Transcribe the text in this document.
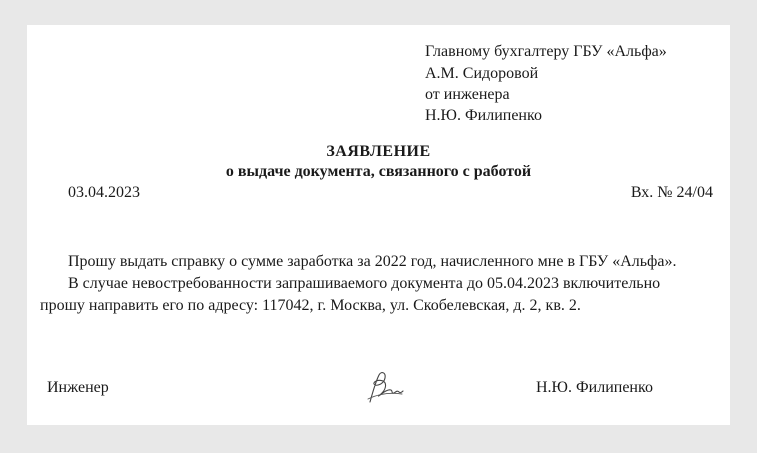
Главному бухгалтеру ГБУ «Альфа»
А.М. Сидоровой
от инженера
Н.Ю. Филипенко
ЗАЯВЛЕНИЕ
о выдаче документа, связанного с работой
03.04.2023	Вх. № 24/04
Прошу выдать справку о сумме заработка за 2022 год, начисленного мне в ГБУ «Альфа».
В случае невостребованности запрашиваемого документа до 05.04.2023 включительно
прошу направить его по адресу: 117042, г. Москва, ул. Скобелевская, д. 2, кв. 2.
Инженер	Н.Ю. Филипенко
